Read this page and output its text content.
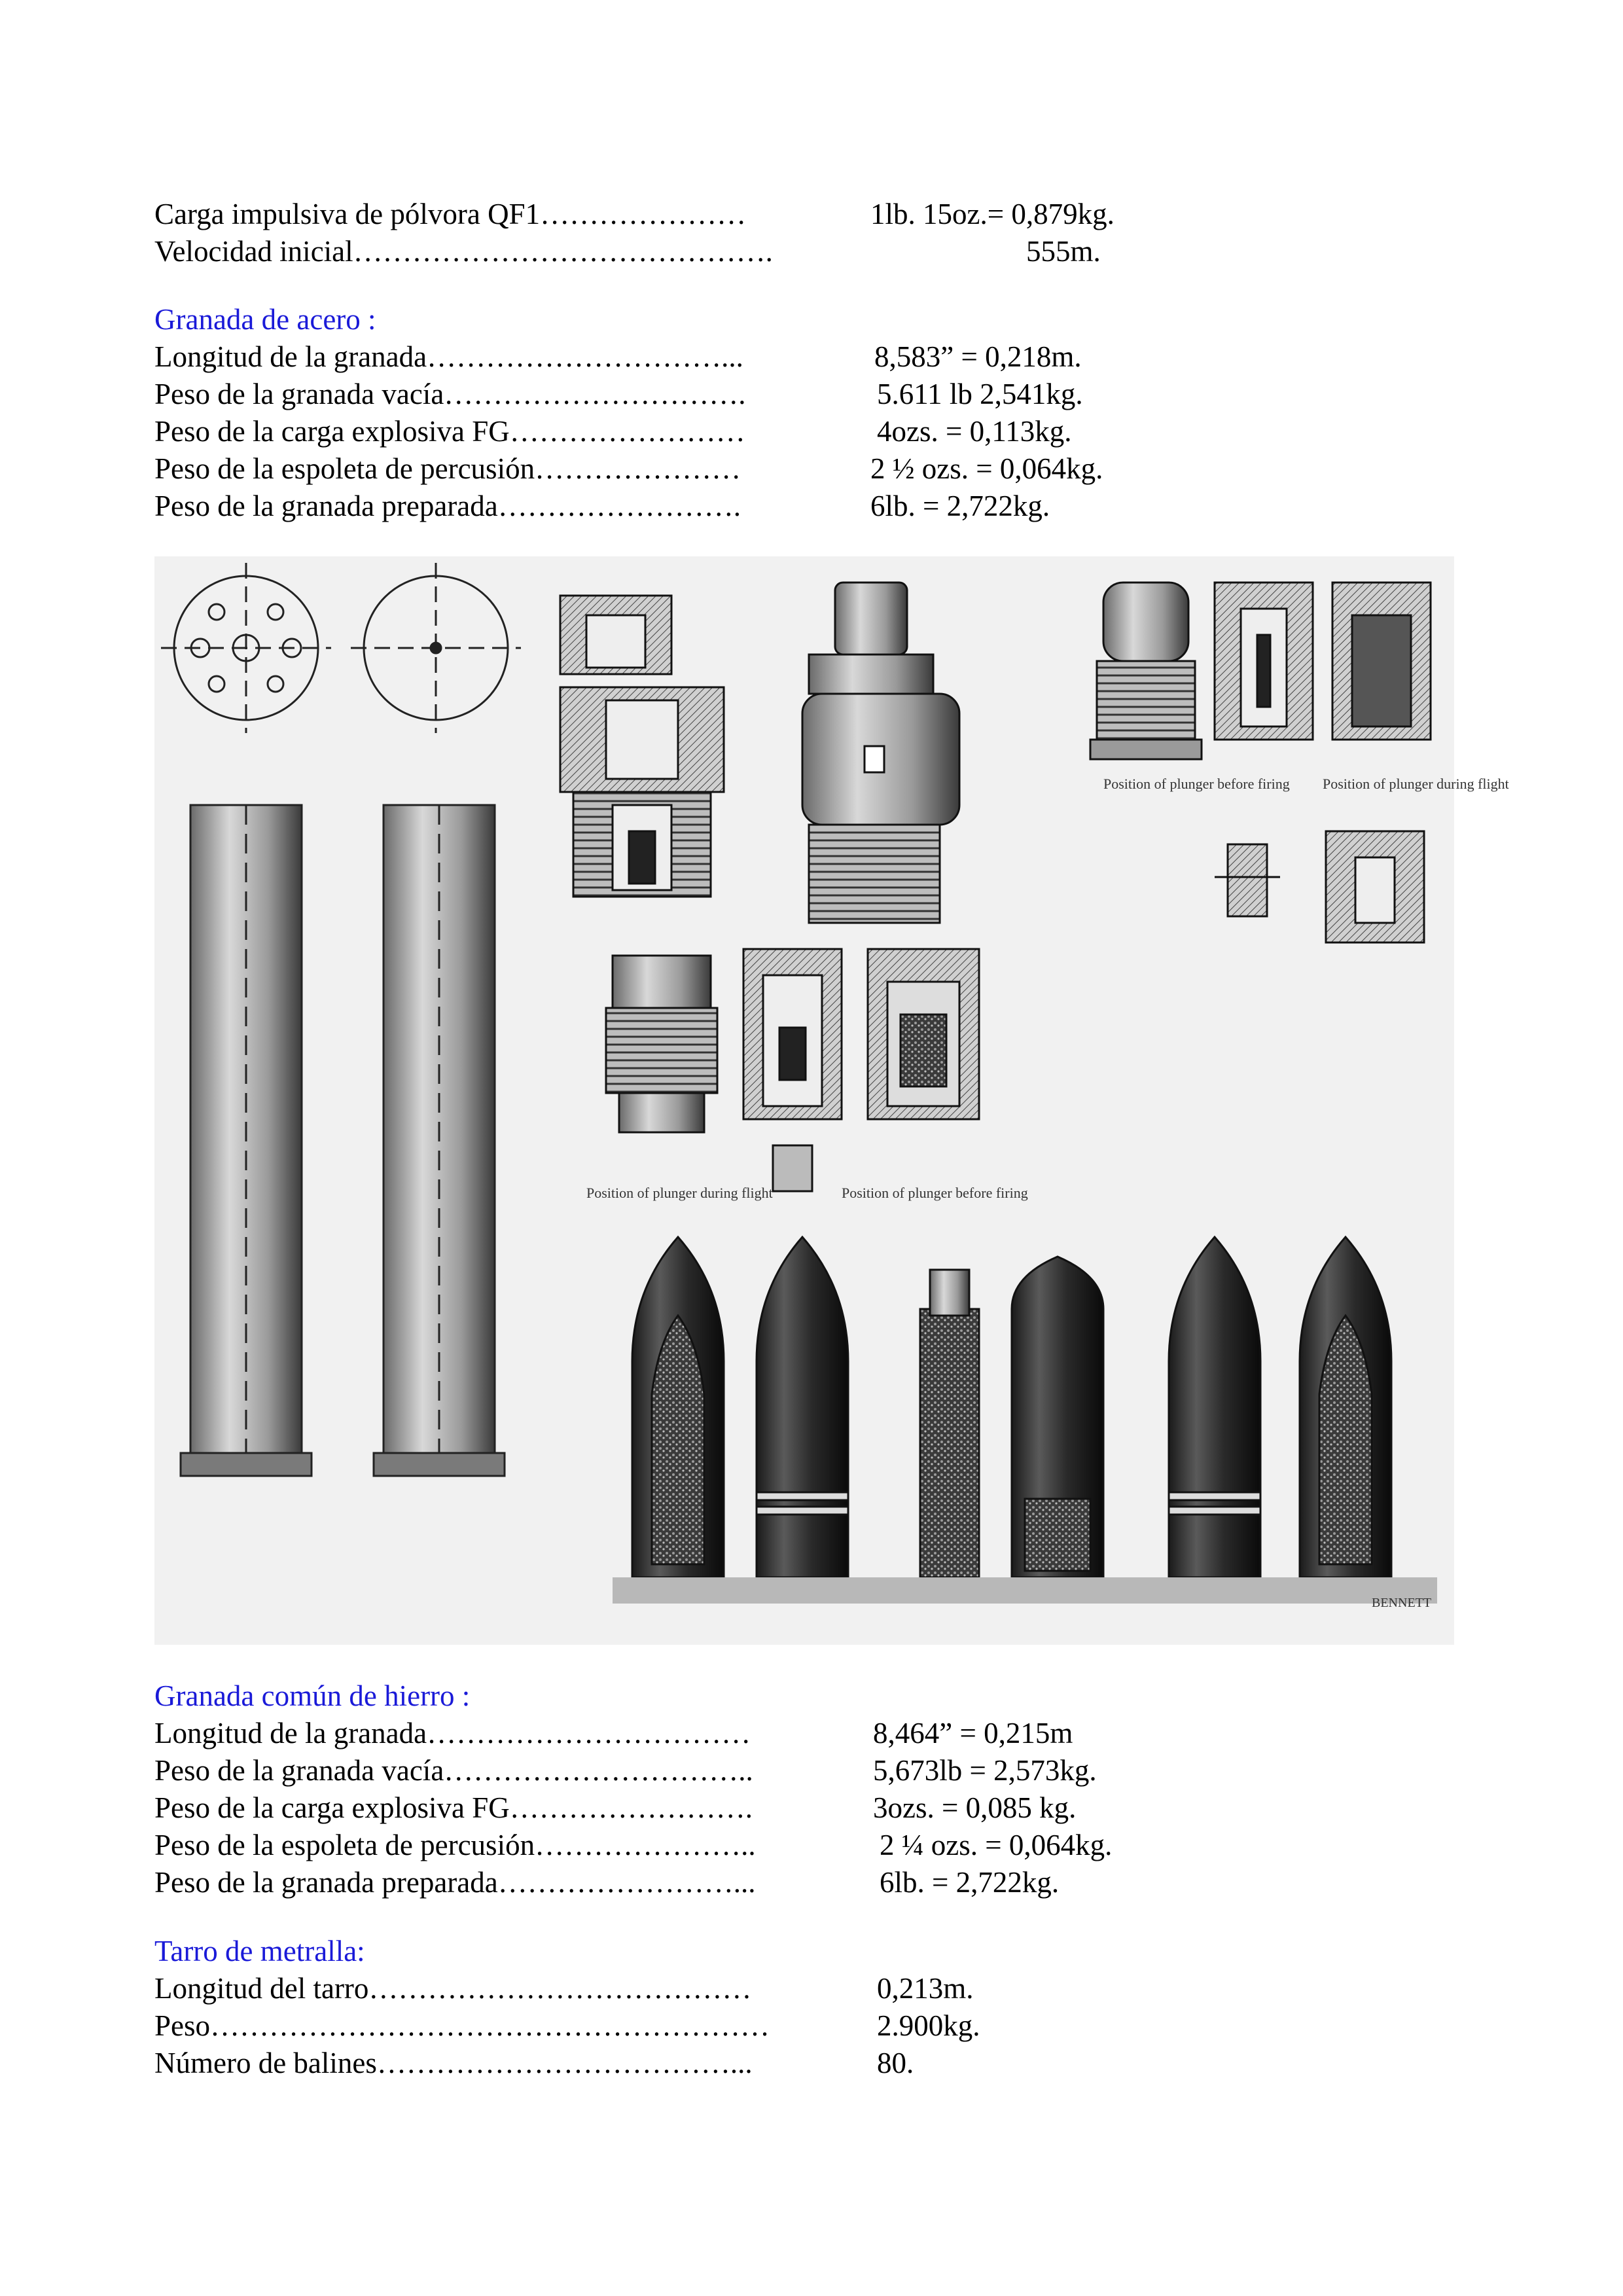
Carga impulsiva de pólvora QF1…………………	1lb. 15oz.= 0,879kg.
Velocidad inicial…………………………………….	555m.
Granada de acero :
Longitud de la granada…………………………...	8,583” = 0,218m.
Peso de la granada vacía………………………….	5.611 lb 2,541kg.
Peso de la carga explosiva FG……………………	4ozs. = 0,113kg.
Peso de la espoleta de percusión…………………	2 ½ ozs. = 0,064kg.
Peso de la granada preparada…………………….	6lb. = 2,722kg.
Position of plunger before firing Position of plunger during flight
Position of plunger during flight	Position of plunger before firing
BENNETT
Granada común de hierro :
Longitud de la granada……………………………	8,464” = 0,215m
Peso de la granada vacía…………………………..	5,673lb = 2,573kg.
Peso de la carga explosiva FG…………………….	3ozs. = 0,085 kg.
Peso de la espoleta de percusión…………………..	2 ¼ ozs. = 0,064kg.
Peso de la granada preparada……………………...	6lb. = 2,722kg.
Tarro de metralla:
Longitud del tarro…………………………………	0,213m.
Peso…………………………………………………	2.900kg.
Número de balines………………………………...	80.
